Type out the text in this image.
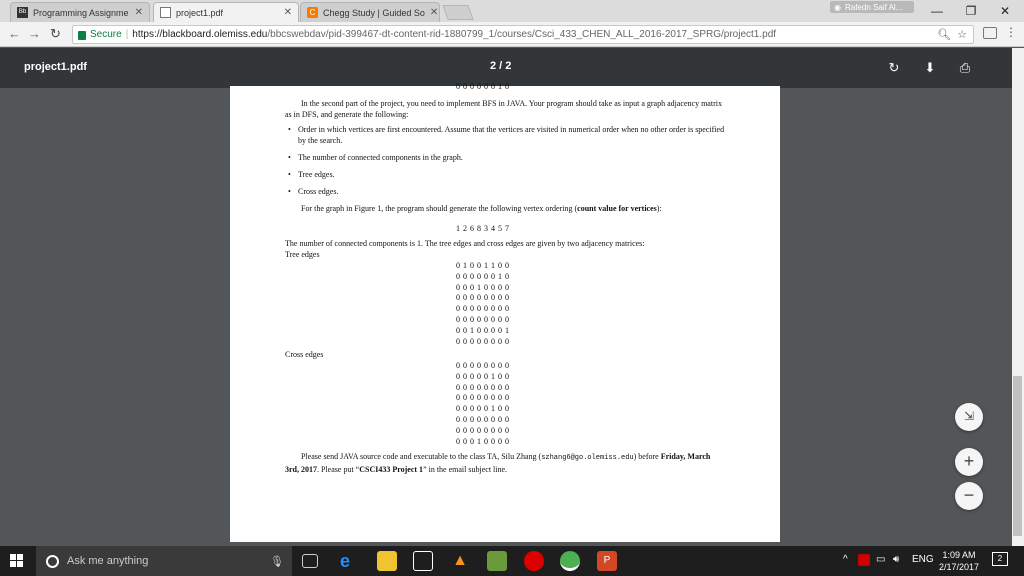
Bb Programming Assignme ✕	project1.pdf	✕	C Chegg Study | Guided So ✕	◉ Rafedn Saif Al...	—	❐	✕
← → ↻	Secure | https://blackboard.olemiss.edu/bbcswebdav/pid-399467-dt-content-rid-1880799_1/courses/Csci_433_CHEN_ALL_2016-2017_SPRG/project1.pdf	🔍︎ ☆	⋮
project1.pdf	2 / 2	↻	⬇	⎙
0 0 0 0 0 0 1 0
In the second part of the project, you need to implement BFS in JAVA. Your program should take as input a graph adjacency matrix as in DFS, and generate the following:
• Order in which vertices are first encountered. Assume that the vertices are visited in numerical order when no other order is specified by the search.
• The number of connected components in the graph.
• Tree edges.
• Cross edges.
For the graph in Figure 1, the program should generate the following vertex ordering (count value for vertices):
1 2 6 8 3 4 5 7
The number of connected components is 1. The tree edges and cross edges are given by two adjacency matrices:
Tree edges
0 1 0 0 1 1 0 0
0 0 0 0 0 0 1 0
0 0 0 1 0 0 0 0
0 0 0 0 0 0 0 0
0 0 0 0 0 0 0 0
0 0 0 0 0 0 0 0
0 0 1 0 0 0 0 1
0 0 0 0 0 0 0 0
Cross edges
0 0 0 0 0 0 0 0
0 0 0 0 0 1 0 0
0 0 0 0 0 0 0 0
0 0 0 0 0 0 0 0
0 0 0 0 0 1 0 0
0 0 0 0 0 0 0 0
0 0 0 0 0 0 0 0
0 0 0 1 0 0 0 0
Please send JAVA source code and executable to the class TA, Silu Zhang (szhang6@go.olemiss.edu) before Friday, March 3rd, 2017. Please put “CSCI433 Project 1” in the email subject line.
⇲
+
−
Ask me anything	🎙︎	e	▲	P	^	▭ 🔊︎ ENG 1:09 AM
2/17/2017
2
